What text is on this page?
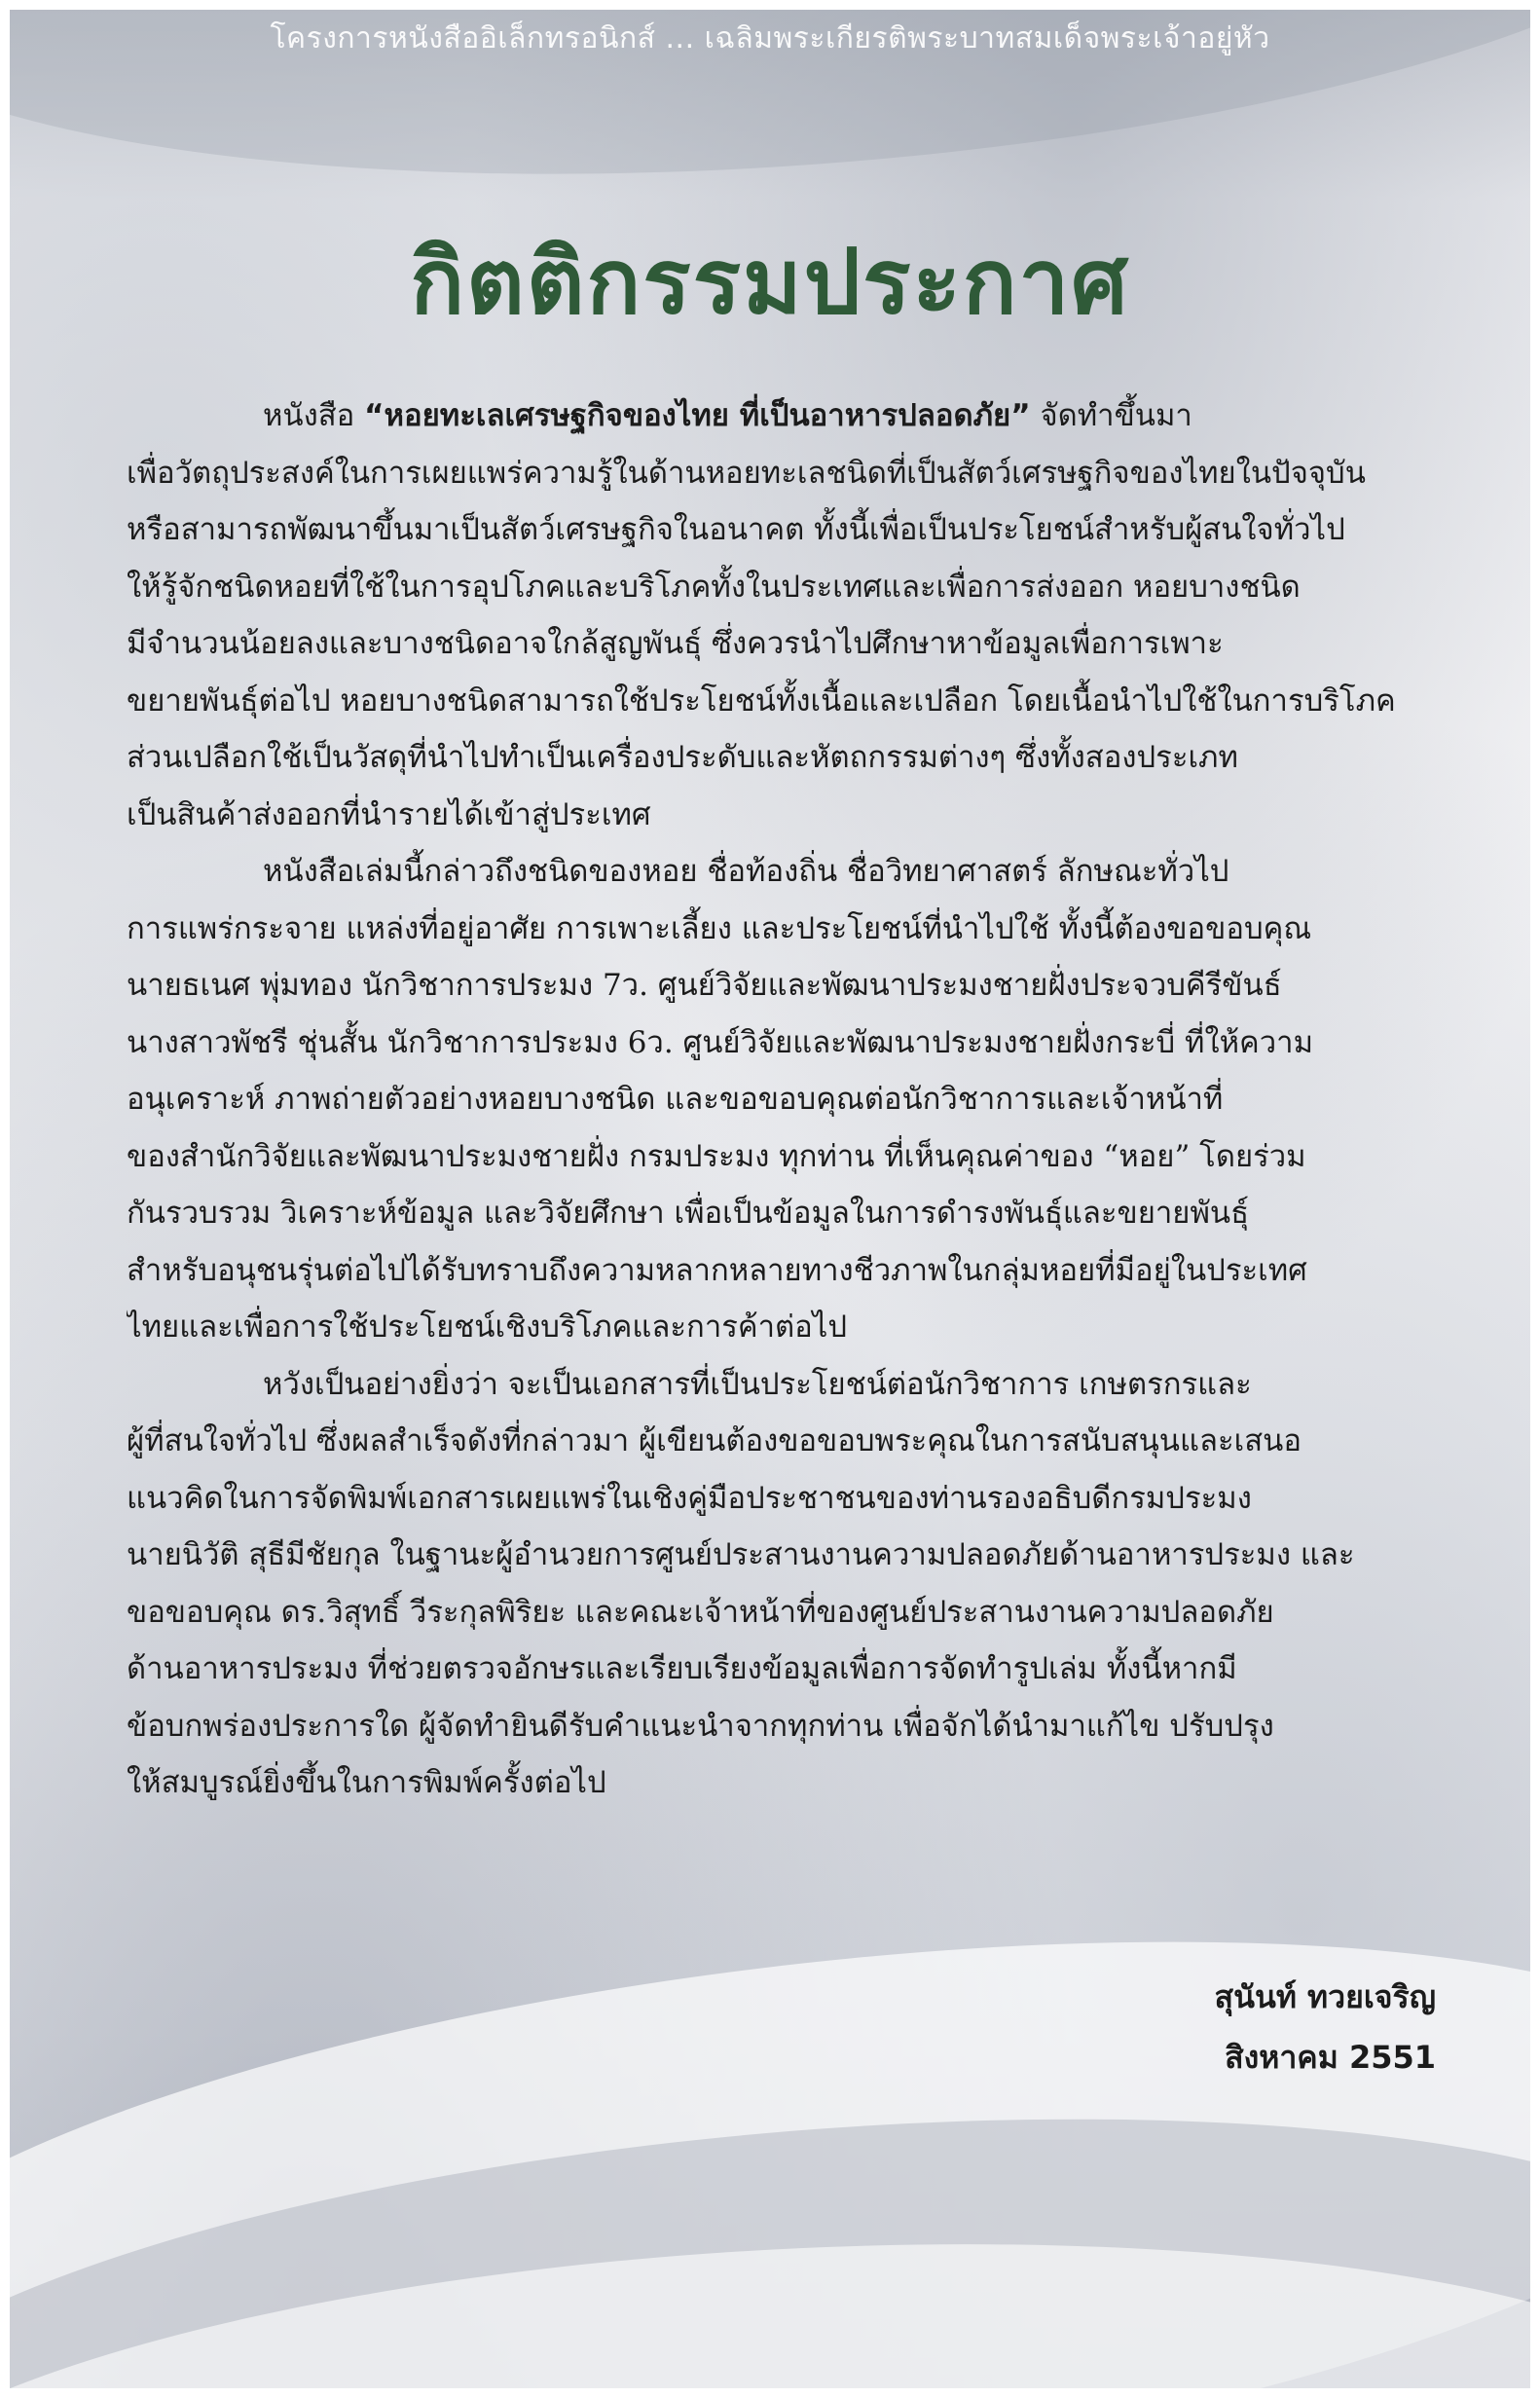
โครงการหนังสืออิเล็กทรอนิกส์ ... เฉลิมพระเกียรติพระบาทสมเด็จพระเจ้าอยู่หัว
กิตติกรรมประกาศ

หนังสือ “หอยทะเลเศรษฐกิจของไทย ที่เป็นอาหารปลอดภัย” จัดทำขึ้นมา
เพื่อวัตถุประสงค์ในการเผยแพร่ความรู้ในด้านหอยทะเลชนิดที่เป็นสัตว์เศรษฐกิจของไทยในปัจจุบัน
หรือสามารถพัฒนาขึ้นมาเป็นสัตว์เศรษฐกิจในอนาคต ทั้งนี้เพื่อเป็นประโยชน์สำหรับผู้สนใจทั่วไป
ให้รู้จักชนิดหอยที่ใช้ในการอุปโภคและบริโภคทั้งในประเทศและเพื่อการส่งออก หอยบางชนิด
มีจำนวนน้อยลงและบางชนิดอาจใกล้สูญพันธุ์ ซึ่งควรนำไปศึกษาหาข้อมูลเพื่อการเพาะ
ขยายพันธุ์ต่อไป หอยบางชนิดสามารถใช้ประโยชน์ทั้งเนื้อและเปลือก โดยเนื้อนำไปใช้ในการบริโภค
ส่วนเปลือกใช้เป็นวัสดุที่นำไปทำเป็นเครื่องประดับและหัตถกรรมต่างๆ ซึ่งทั้งสองประเภท
เป็นสินค้าส่งออกที่นำรายได้เข้าสู่ประเทศ

หนังสือเล่มนี้กล่าวถึงชนิดของหอย ชื่อท้องถิ่น ชื่อวิทยาศาสตร์ ลักษณะทั่วไป
การแพร่กระจาย แหล่งที่อยู่อาศัย การเพาะเลี้ยง และประโยชน์ที่นำไปใช้ ทั้งนี้ต้องขอขอบคุณ
นายธเนศ พุ่มทอง นักวิชาการประมง 7ว. ศูนย์วิจัยและพัฒนาประมงชายฝั่งประจวบคีรีขันธ์
นางสาวพัชรี ชุ่นสั้น นักวิชาการประมง 6ว. ศูนย์วิจัยและพัฒนาประมงชายฝั่งกระบี่ ที่ให้ความ
อนุเคราะห์ ภาพถ่ายตัวอย่างหอยบางชนิด และขอขอบคุณต่อนักวิชาการและเจ้าหน้าที่
ของสำนักวิจัยและพัฒนาประมงชายฝั่ง กรมประมง ทุกท่าน ที่เห็นคุณค่าของ “หอย” โดยร่วม
กันรวบรวม วิเคราะห์ข้อมูล และวิจัยศึกษา เพื่อเป็นข้อมูลในการดำรงพันธุ์และขยายพันธุ์
สำหรับอนุชนรุ่นต่อไปได้รับทราบถึงความหลากหลายทางชีวภาพในกลุ่มหอยที่มีอยู่ในประเทศ
ไทยและเพื่อการใช้ประโยชน์เชิงบริโภคและการค้าต่อไป

หวังเป็นอย่างยิ่งว่า จะเป็นเอกสารที่เป็นประโยชน์ต่อนักวิชาการ เกษตรกรและ
ผู้ที่สนใจทั่วไป ซึ่งผลสำเร็จดังที่กล่าวมา ผู้เขียนต้องขอขอบพระคุณในการสนับสนุนและเสนอ
แนวคิดในการจัดพิมพ์เอกสารเผยแพร่ในเชิงคู่มือประชาชนของท่านรองอธิบดีกรมประมง
นายนิวัติ สุธีมีชัยกุล ในฐานะผู้อำนวยการศูนย์ประสานงานความปลอดภัยด้านอาหารประมง และ
ขอขอบคุณ ดร.วิสุทธิ์ วีระกุลพิริยะ และคณะเจ้าหน้าที่ของศูนย์ประสานงานความปลอดภัย
ด้านอาหารประมง ที่ช่วยตรวจอักษรและเรียบเรียงข้อมูลเพื่อการจัดทำรูปเล่ม ทั้งนี้หากมี
ข้อบกพร่องประการใด ผู้จัดทำยินดีรับคำแนะนำจากทุกท่าน เพื่อจักได้นำมาแก้ไข ปรับปรุง
ให้สมบูรณ์ยิ่งขึ้นในการพิมพ์ครั้งต่อไป

สุนันท์ ทวยเจริญ
สิงหาคม 2551
